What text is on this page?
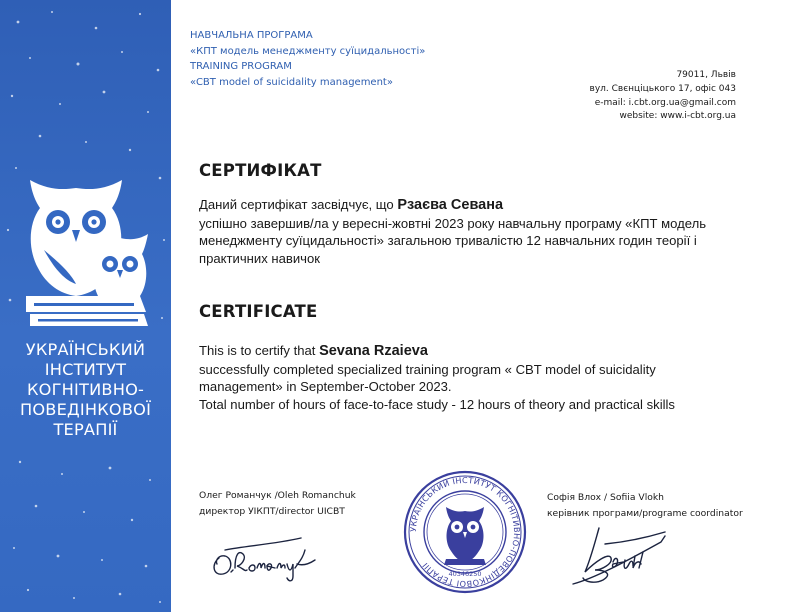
УКРАЇНСЬКИЙ
ІНСТИТУТ
КОГНІТИВНО-
ПОВЕДІНКОВОЇ
ТЕРАПІЇ
НАВЧАЛЬНА ПРОГРАМА
«КПТ модель менеджменту суїцидальності»
TRAINING PROGRAM
«CBT model of suicidality management»
79011, Львів
вул. Свєнціцького 17, офіс 043
e-mail: i.cbt.org.ua@gmail.com
website: www.i-cbt.org.ua
СЕРТИФІКАТ
Даний сертифікат засвідчує, що Рзаєва Севана
успішно завершив/ла у вересні-жовтні 2023 року навчальну програму «КПТ модель
менеджменту суїцидальності» загальною тривалістю 12 навчальних годин теорії і
практичних навичок
CERTIFICATE
This is to certify that Sevana Rzaieva
successfully completed specialized training program « CBT model of suicidality
management» in September-October 2023.
Total number of hours of face-to-face study - 12 hours of theory and practical skills
Олег Романчук /Oleh Romanchuk
директор УІКПТ/director UICBT
УКРАЇНСЬКИЙ ІНСТИТУТ КОГНІТИВНО-ПОВЕДІНКОВОЇ ТЕРАПІЇ
40346250
Софія Влох / Sofiia Vlokh
керівник програми/programe coordinator
